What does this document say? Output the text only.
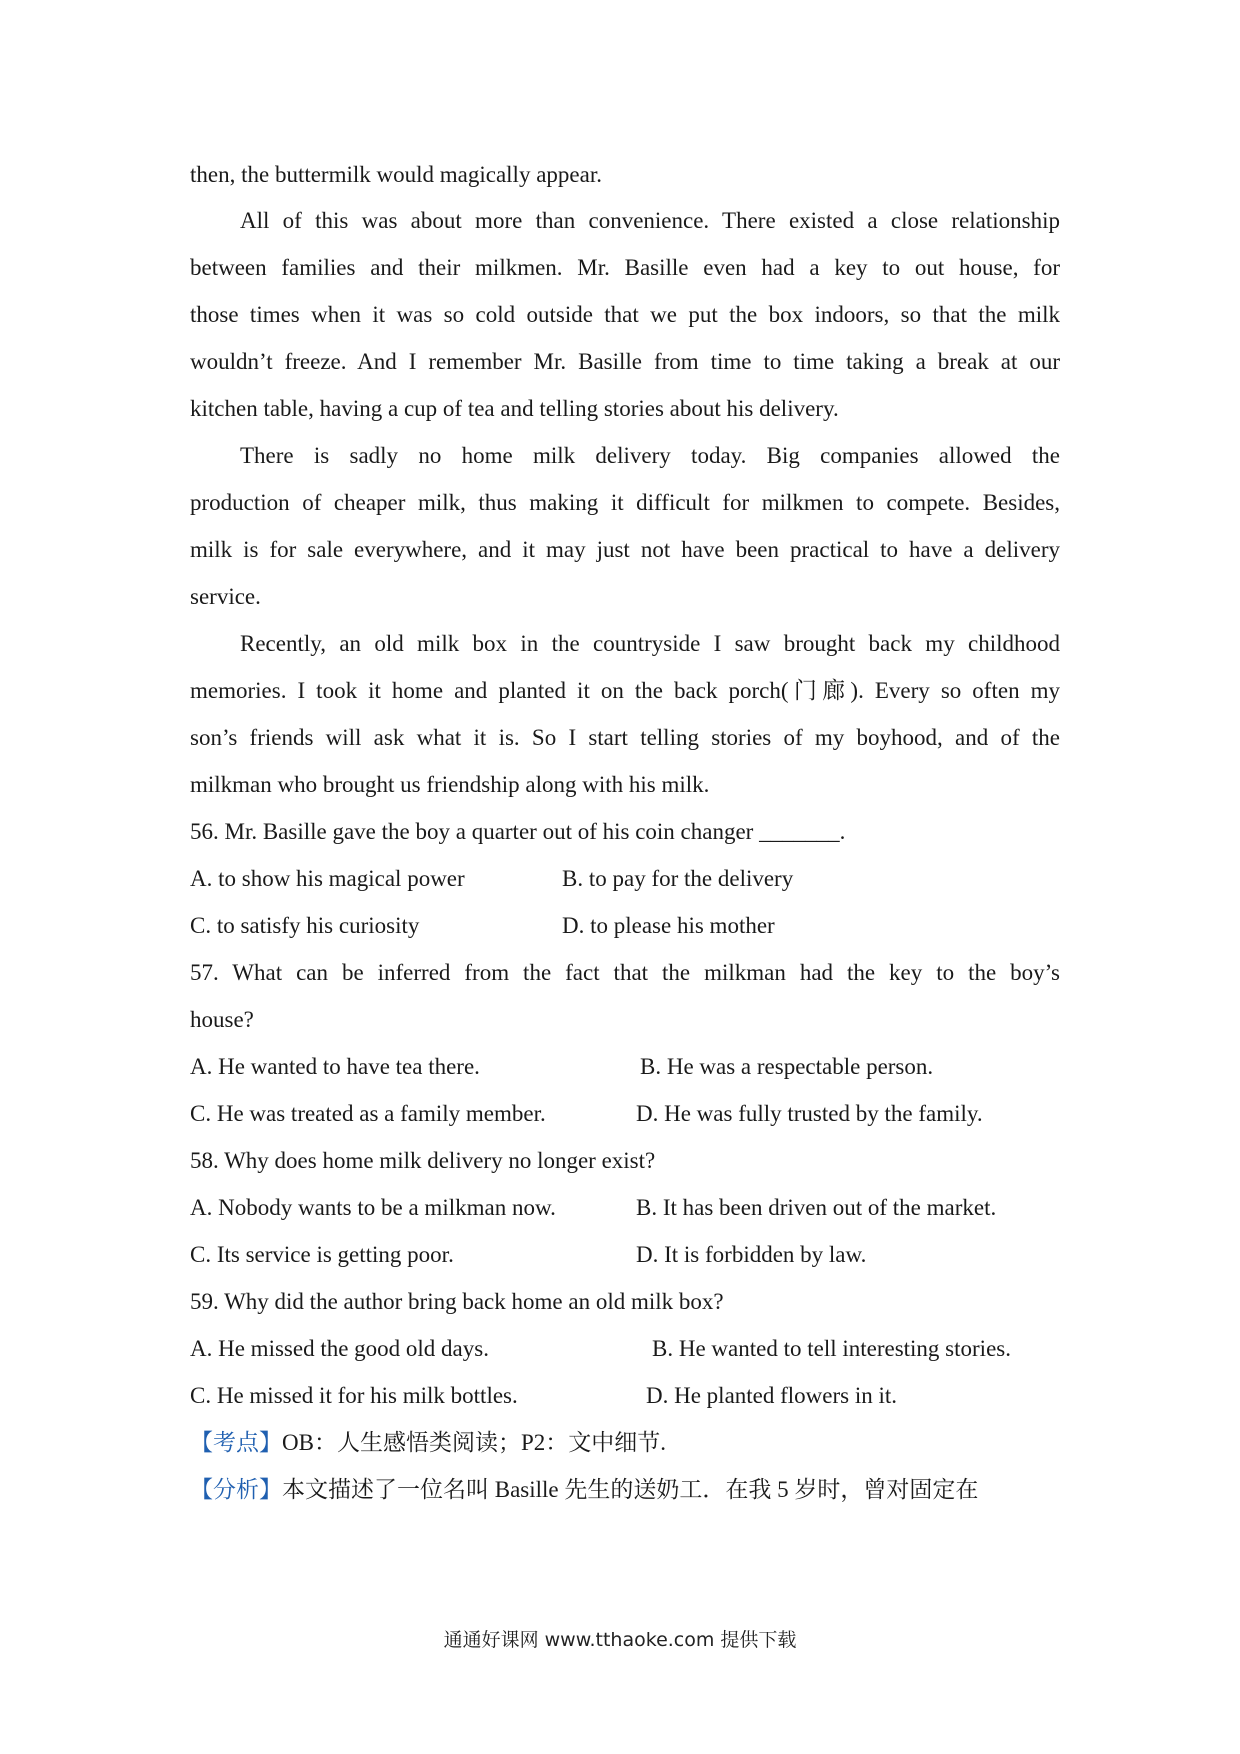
then, the buttermilk would magically appear.
All of this was about more than convenience. There existed a close relationship
between families and their milkmen. Mr. Basille even had a key to out house, for
those times when it was so cold outside that we put the box indoors, so that the milk
wouldn’t freeze. And I remember Mr. Basille from time to time taking a break at our
kitchen table, having a cup of tea and telling stories about his delivery.
There is sadly no home milk delivery today. Big companies allowed the
production of cheaper milk, thus making it difficult for milkmen to compete. Besides,
milk is for sale everywhere, and it may just not have been practical to have a delivery
service.
Recently, an old milk box in the countryside I saw brought back my childhood
memories. I took it home and planted it on the back porch(门廊). Every so often my
son’s friends will ask what it is. So I start telling stories of my boyhood, and of the
milkman who brought us friendship along with his milk.
56. Mr. Basille gave the boy a quarter out of his coin changer _______.
A. to show his magical power	B. to pay for the delivery
C. to satisfy his curiosity	D. to please his mother
57. What can be inferred from the fact that the milkman had the key to the boy’s
house?
A. He wanted to have tea there.	B. He was a respectable person.
C. He was treated as a family member.	D. He was fully trusted by the family.
58. Why does home milk delivery no longer exist?
A. Nobody wants to be a milkman now.	B. It has been driven out of the market.
C. Its service is getting poor.	D. It is forbidden by law.
59. Why did the author bring back home an old milk box?
A. He missed the good old days.	B. He wanted to tell interesting stories.
C. He missed it for his milk bottles.	D. He planted flowers in it.
【考点】OB：人生感悟类阅读；P2：文中细节.
【分析】本文描述了一位名叫 Basille 先生的送奶工．在我 5 岁时，曾对固定在
通通好课网 www.tthaoke.com 提供下载
